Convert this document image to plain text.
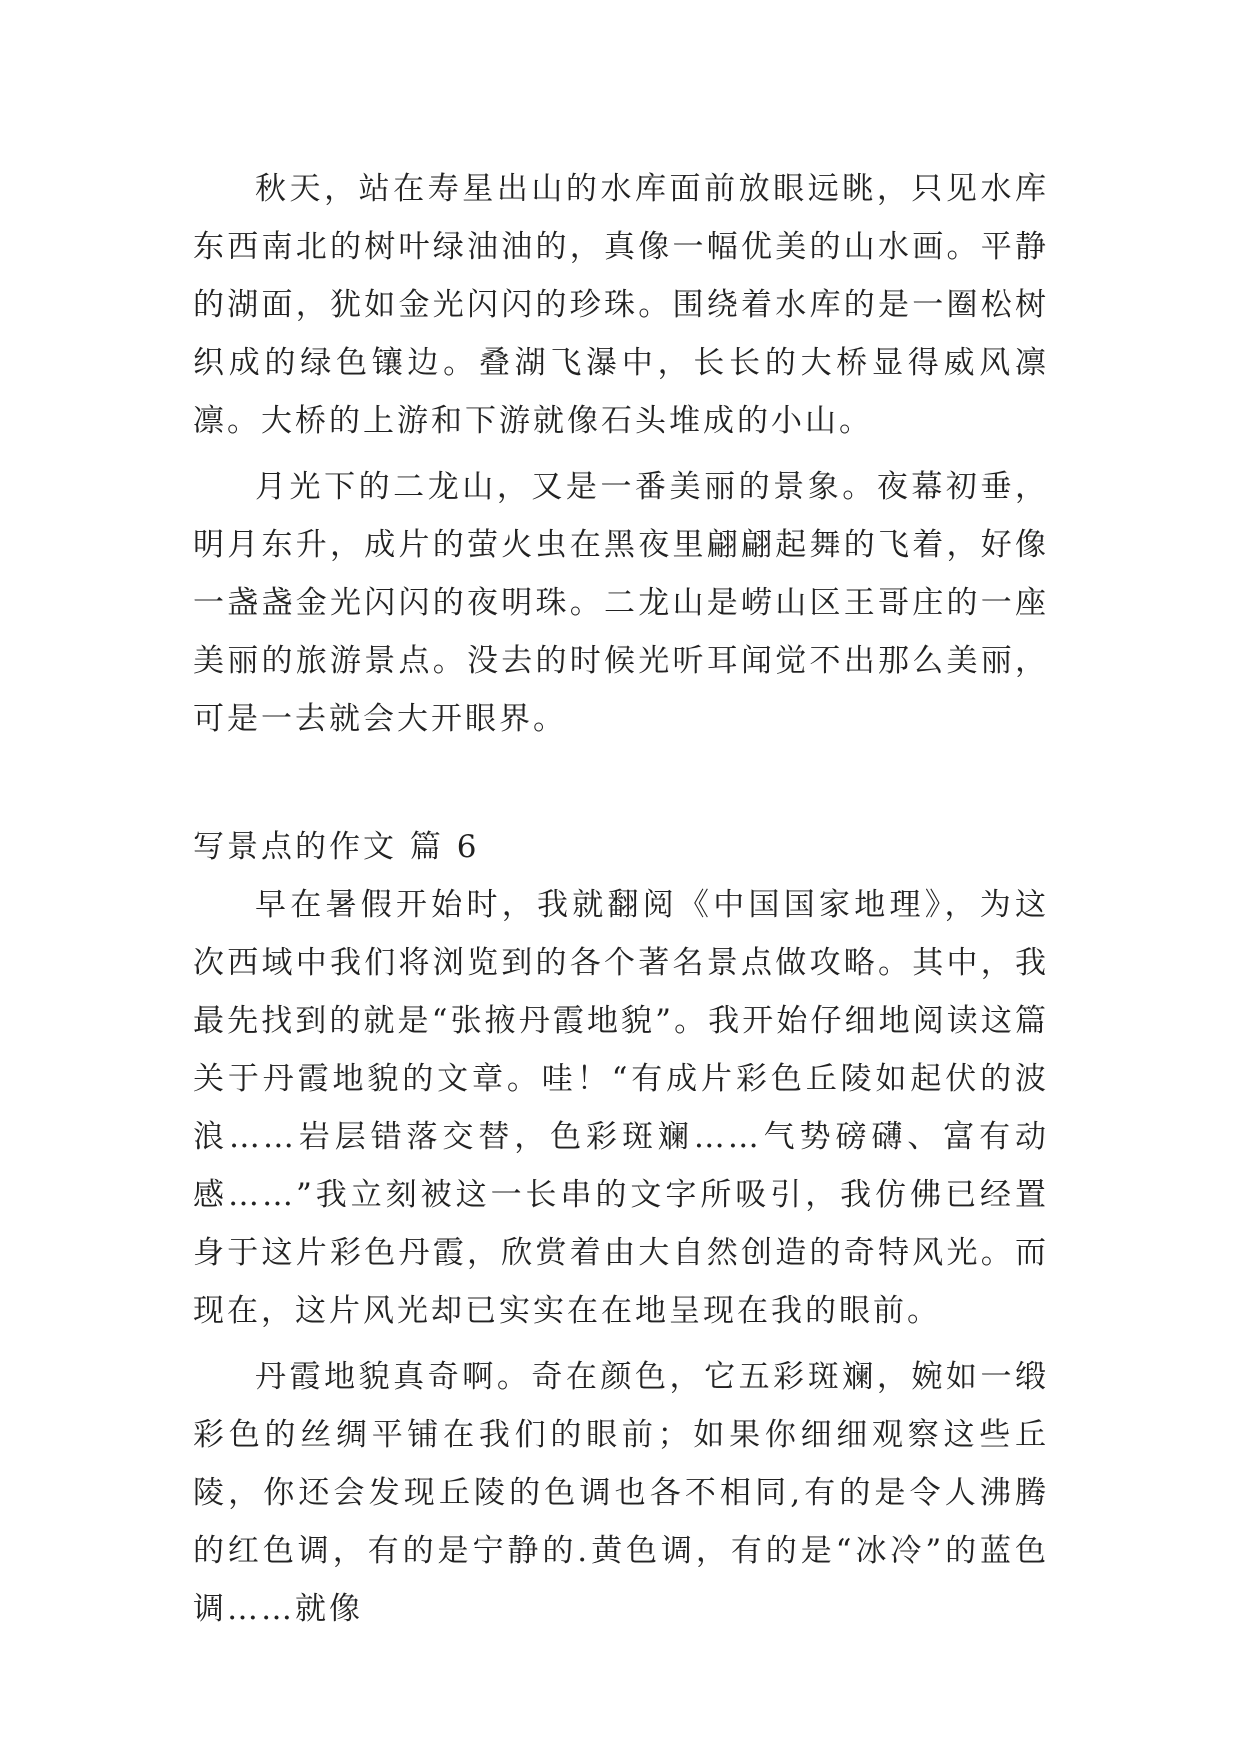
秋天，站在寿星出山的水库面前放眼远眺，只见水库东西南北的树叶绿油油的，真像一幅优美的山水画。平静的湖面，犹如金光闪闪的珍珠。围绕着水库的是一圈松树织成的绿色镶边。叠湖飞瀑中，长长的大桥显得威风凛凛。大桥的上游和下游就像石头堆成的小山。

月光下的二龙山，又是一番美丽的景象。夜幕初垂，明月东升，成片的萤火虫在黑夜里翩翩起舞的飞着，好像一盏盏金光闪闪的夜明珠。二龙山是崂山区王哥庄的一座美丽的旅游景点。没去的时候光听耳闻觉不出那么美丽，可是一去就会大开眼界。

写景点的作文 篇 6

早在暑假开始时，我就翻阅《中国国家地理》，为这次西域中我们将浏览到的各个著名景点做攻略。其中，我最先找到的就是“张掖丹霞地貌”。我开始仔细地阅读这篇关于丹霞地貌的文章。哇！“有成片彩色丘陵如起伏的波浪……岩层错落交替，色彩斑斓……气势磅礴、富有动感……”我立刻被这一长串的文字所吸引，我仿佛已经置身于这片彩色丹霞，欣赏着由大自然创造的奇特风光。而现在，这片风光却已实实在在地呈现在我的眼前。

丹霞地貌真奇啊。奇在颜色，它五彩斑斓，婉如一缎彩色的丝绸平铺在我们的眼前；如果你细细观察这些丘陵，你还会发现丘陵的色调也各不相同,有的是令人沸腾的红色调，有的是宁静的.黄色调，有的是“冰冷”的蓝色调……就像
